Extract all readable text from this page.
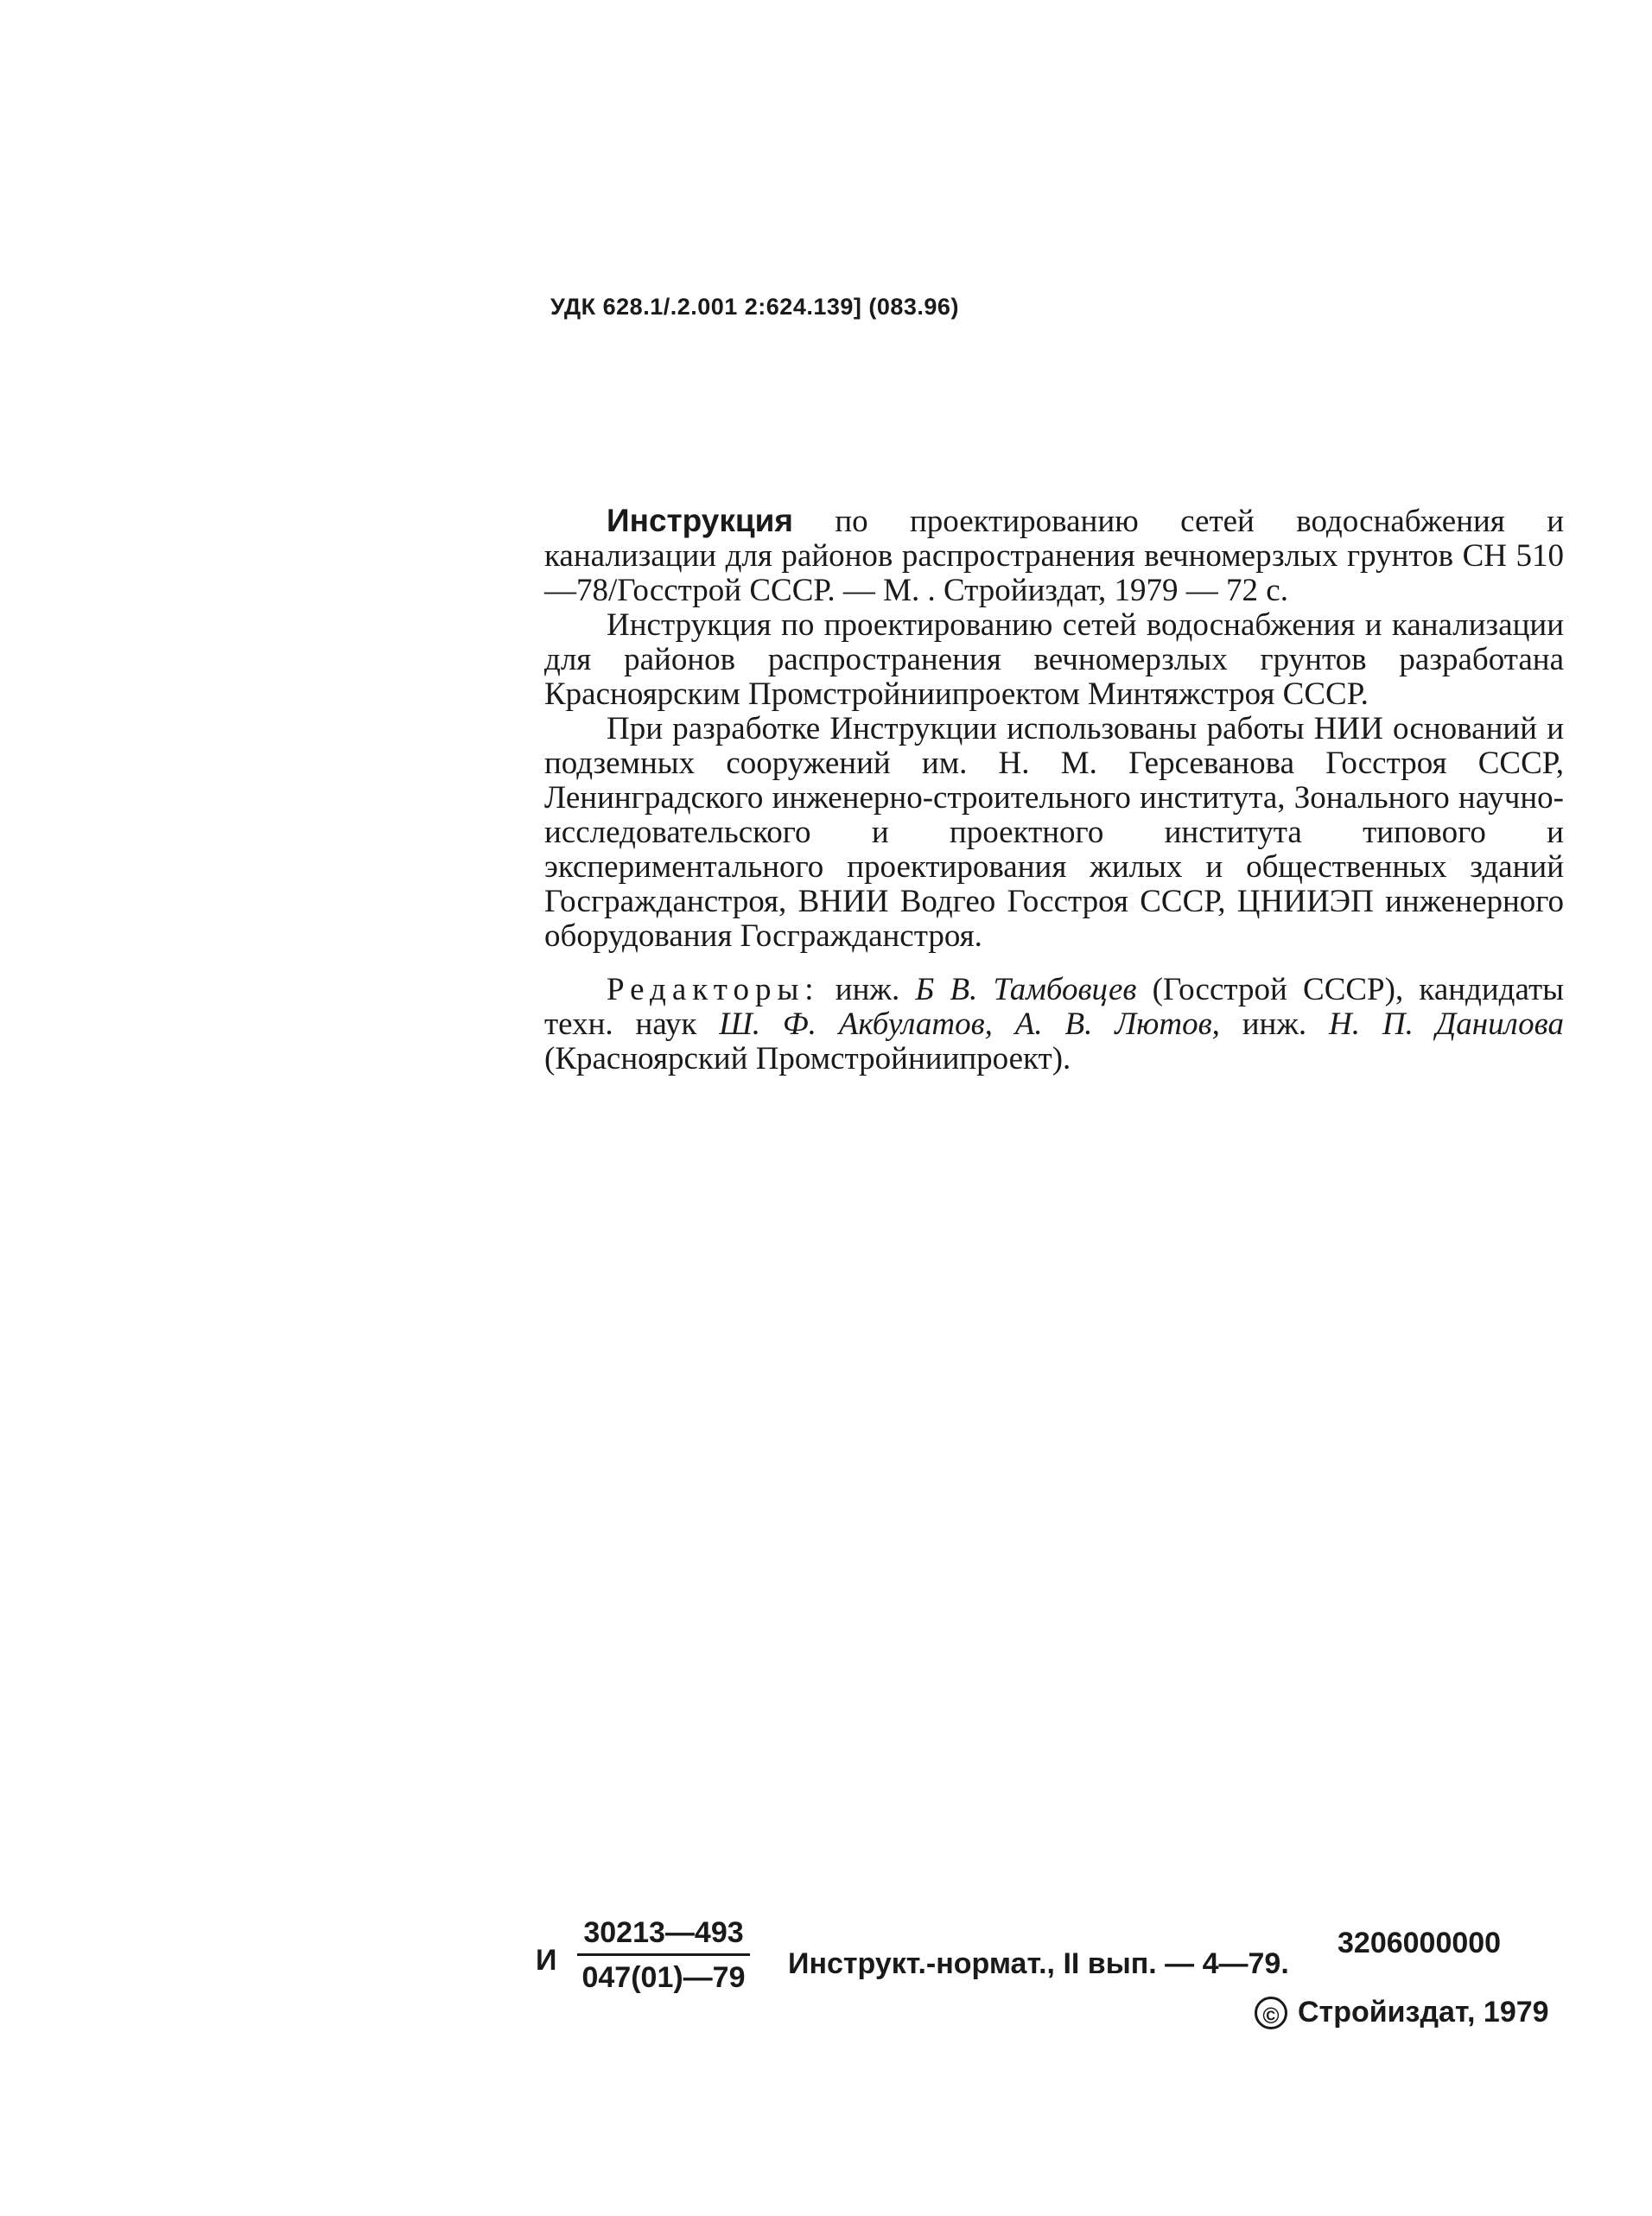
УДК 628.1/.2.001 2:624.139] (083.96)

Инструкция по проектированию сетей водоснабжения и канализации для районов распространения вечномерзлых грунтов СН 510—78/Госстрой СССР. — М. . Стройиздат, 1979 — 72 с.

Инструкция по проектированию сетей водоснабжения и канализации для районов распространения вечномерзлых грунтов разработана Красноярским Промстройниипроектом Минтяжстроя СССР.

При разработке Инструкции использованы работы НИИ оснований и подземных сооружений им. Н. М. Герсеванова Госстроя СССР, Ленинградского инженерно-строительного института, Зонального научно-исследовательского и проектного института типового и экспериментального проектирования жилых и общественных зданий Госгражданстроя, ВНИИ Водгео Госстроя СССР, ЦНИИЭП инженерного оборудования Госгражданстроя.

Редакторы: инж. Б В. Тамбовцев (Госстрой СССР), кандидаты техн. наук Ш. Ф. Акбулатов, А. В. Лютов, инж. Н. П. Данилова (Красноярский Промстройниипроект).

И $\frac{30213—493}{047(01)—79}$ Инструкт.-нормат., II вып. — 4—79.
3206000000
© Стройиздат, 1979
